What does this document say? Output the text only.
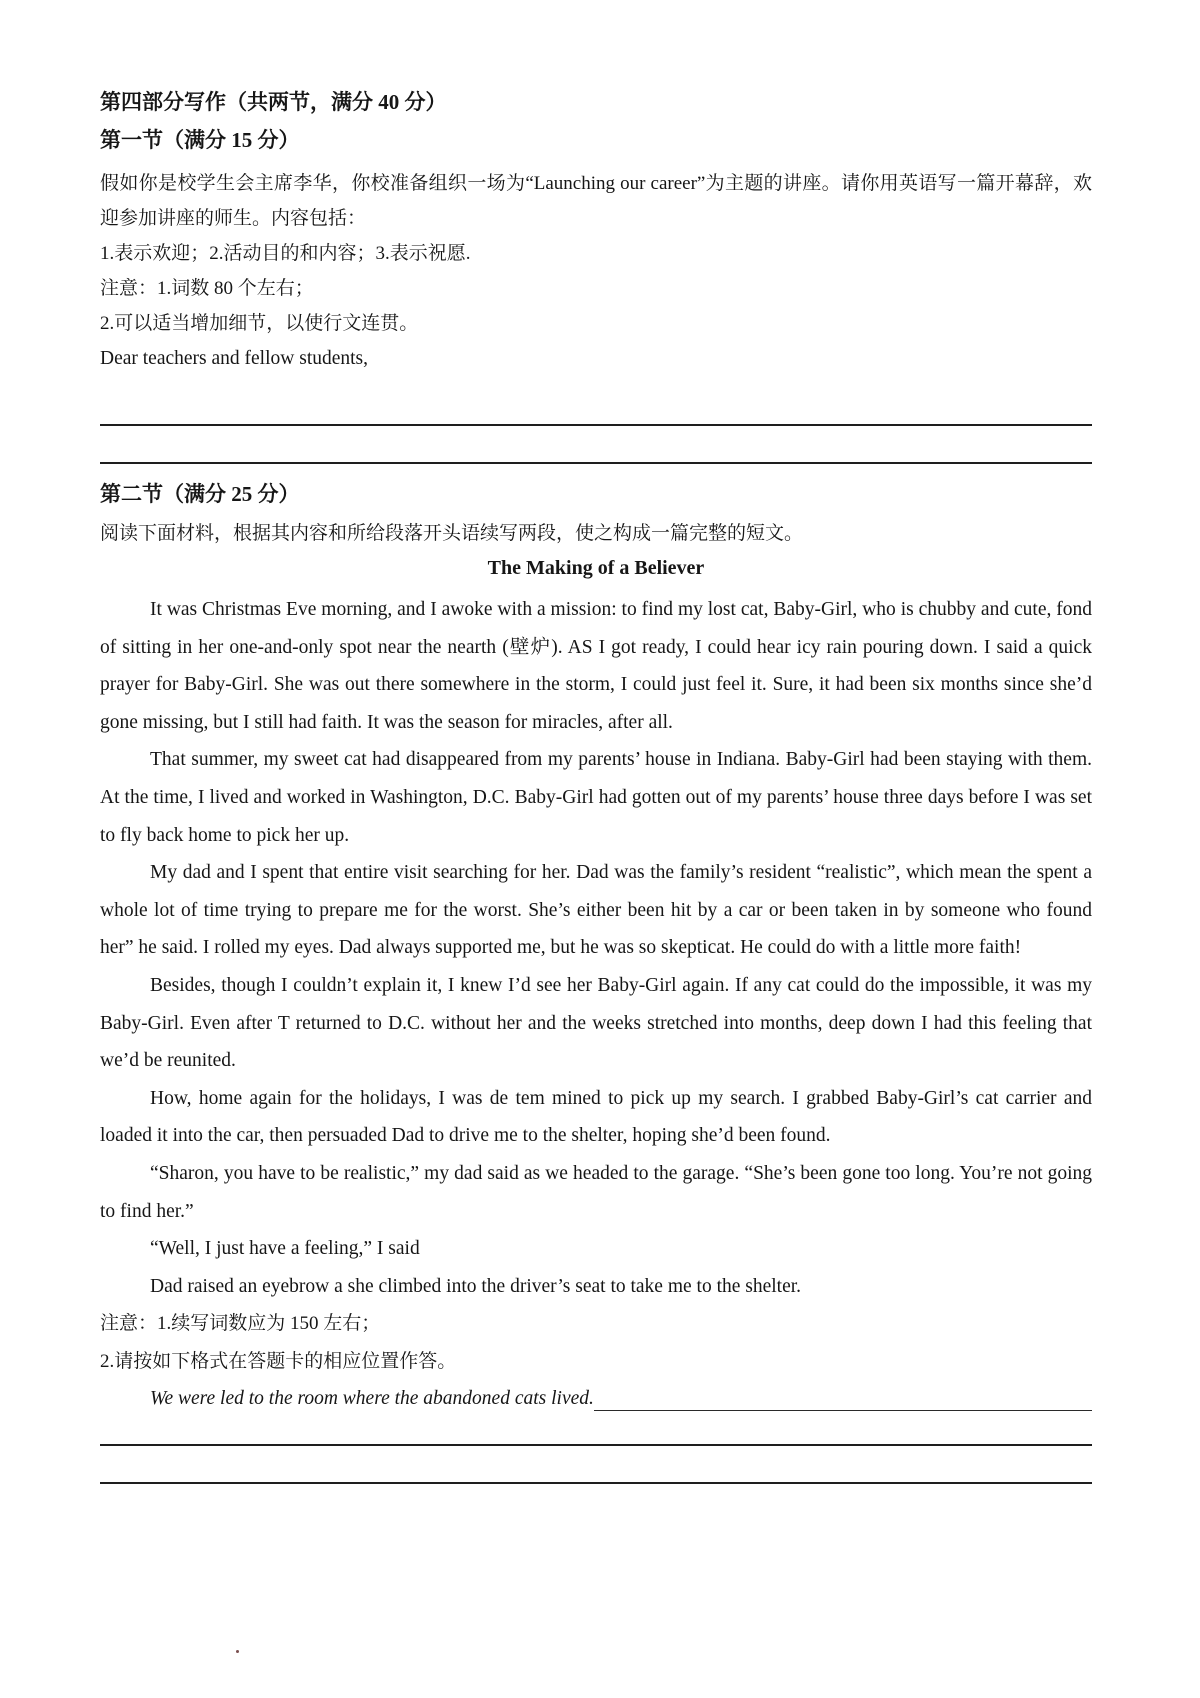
第四部分写作（共两节，满分 40 分）
第一节（满分 15 分）

假如你是校学生会主席李华，你校准备组织一场为“Launching our career”为主题的讲座。请你用英语写一篇开幕辞，欢迎参加讲座的师生。内容包括：

1.表示欢迎；2.活动目的和内容；3.表示祝愿.

注意：1.词数 80 个左右；

2.可以适当增加细节，以使行文连贯。

Dear teachers and fellow students,

第二节（满分 25 分）

阅读下面材料，根据其内容和所给段落开头语续写两段，使之构成一篇完整的短文。

The Making of a Believer

It was Christmas Eve morning, and I awoke with a mission: to find my lost cat, Baby-Girl, who is chubby and cute, fond of sitting in her one-and-only spot near the nearth (壁炉). AS I got ready, I could hear icy rain pouring down. I said a quick prayer for Baby-Girl. She was out there somewhere in the storm, I could just feel it. Sure, it had been six months since she’d gone missing, but I still had faith. It was the season for miracles, after all.

That summer, my sweet cat had disappeared from my parents’ house in Indiana. Baby-Girl had been staying with them. At the time, I lived and worked in Washington, D.C. Baby-Girl had gotten out of my parents’ house three days before I was set to fly back home to pick her up.

My dad and I spent that entire visit searching for her. Dad was the family’s resident “realistic”, which mean the spent a whole lot of time trying to prepare me for the worst. She’s either been hit by a car or been taken in by someone who found her” he said. I rolled my eyes. Dad always supported me, but he was so skepticat. He could do with a little more faith!

Besides, though I couldn’t explain it, I knew I’d see her Baby-Girl again. If any cat could do the impossible, it was my Baby-Girl. Even after T returned to D.C. without her and the weeks stretched into months, deep down I had this feeling that we’d be reunited.

How, home again for the holidays, I was de tem mined to pick up my search. I grabbed Baby-Girl’s cat carrier and loaded it into the car, then persuaded Dad to drive me to the shelter, hoping she’d been found.

“Sharon, you have to be realistic,” my dad said as we headed to the garage. “She’s been gone too long. You’re not going to find her.”

“Well, I just have a feeling,” I said

Dad raised an eyebrow a she climbed into the driver’s seat to take me to the shelter.

注意：1.续写词数应为 150 左右；

2.请按如下格式在答题卡的相应位置作答。

We were led to the room where the abandoned cats lived.
